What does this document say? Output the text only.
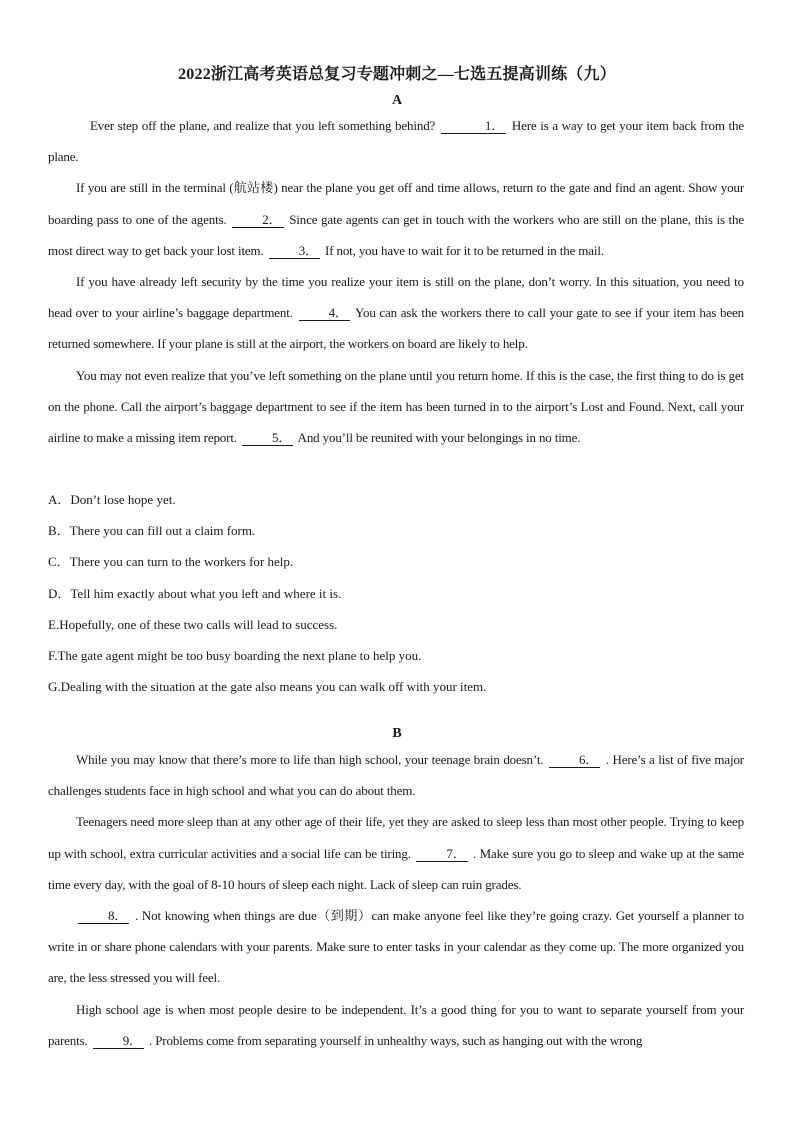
2022浙江高考英语总复习专题冲刺之—七选五提高训练（九）
A

Ever step off the plane, and realize that you left something behind?	1． Here is a way to get your item back from the plane.

If you are still in the terminal (航站楼) near the plane you get off and time allows, return to the gate and find an agent. Show your boarding pass to one of the agents.	2． Since gate agents can get in touch with the workers who are still on the plane, this is the most direct way to get back your lost item.	3． If not, you have to wait for it to be returned in the mail.

If you have already left security by the time you realize your item is still on the plane, don’t worry. In this situation, you need to head over to your airline’s baggage department.	4． You can ask the workers there to call your gate to see if your item has been returned somewhere. If your plane is still at the airport, the workers on board are likely to help.

You may not even realize that you’ve left something on the plane until you return home. If this is the case, the first thing to do is get on the phone. Call the airport’s baggage department to see if the item has been turned in to the airport’s Lost and Found. Next, call your airline to make a missing item report.	5． And you’ll be reunited with your belongings in no time.

A．Don’t lose hope yet.
B．There you can fill out a claim form.
C．There you can turn to the workers for help.
D．Tell him exactly about what you left and where it is.
E.Hopefully, one of these two calls will lead to success.
F.The gate agent might be too busy boarding the next plane to help you.
G.Dealing with the situation at the gate also means you can walk off with your item.
B

While you may know that there’s more to life than high school, your teenage brain doesn’t.	6． . Here’s a list of five major challenges students face in high school and what you can do about them.

Teenagers need more sleep than at any other age of their life, yet they are asked to sleep less than most other people. Trying to keep up with school, extra curricular activities and a social life can be tiring.	7． . Make sure you go to sleep and wake up at the same time every day, with the goal of 8-10 hours of sleep each night. Lack of sleep can ruin grades.

8． . Not knowing when things are due（到期）can make anyone feel like they’re going crazy. Get yourself a planner to write in or share phone calendars with your parents. Make sure to enter tasks in your calendar as they come up. The more organized you are, the less stressed you will feel.

High school age is when most people desire to be independent. It’s a good thing for you to want to separate yourself from your parents.	9． . Problems come from separating yourself in unhealthy ways, such as hanging out with the wrong
